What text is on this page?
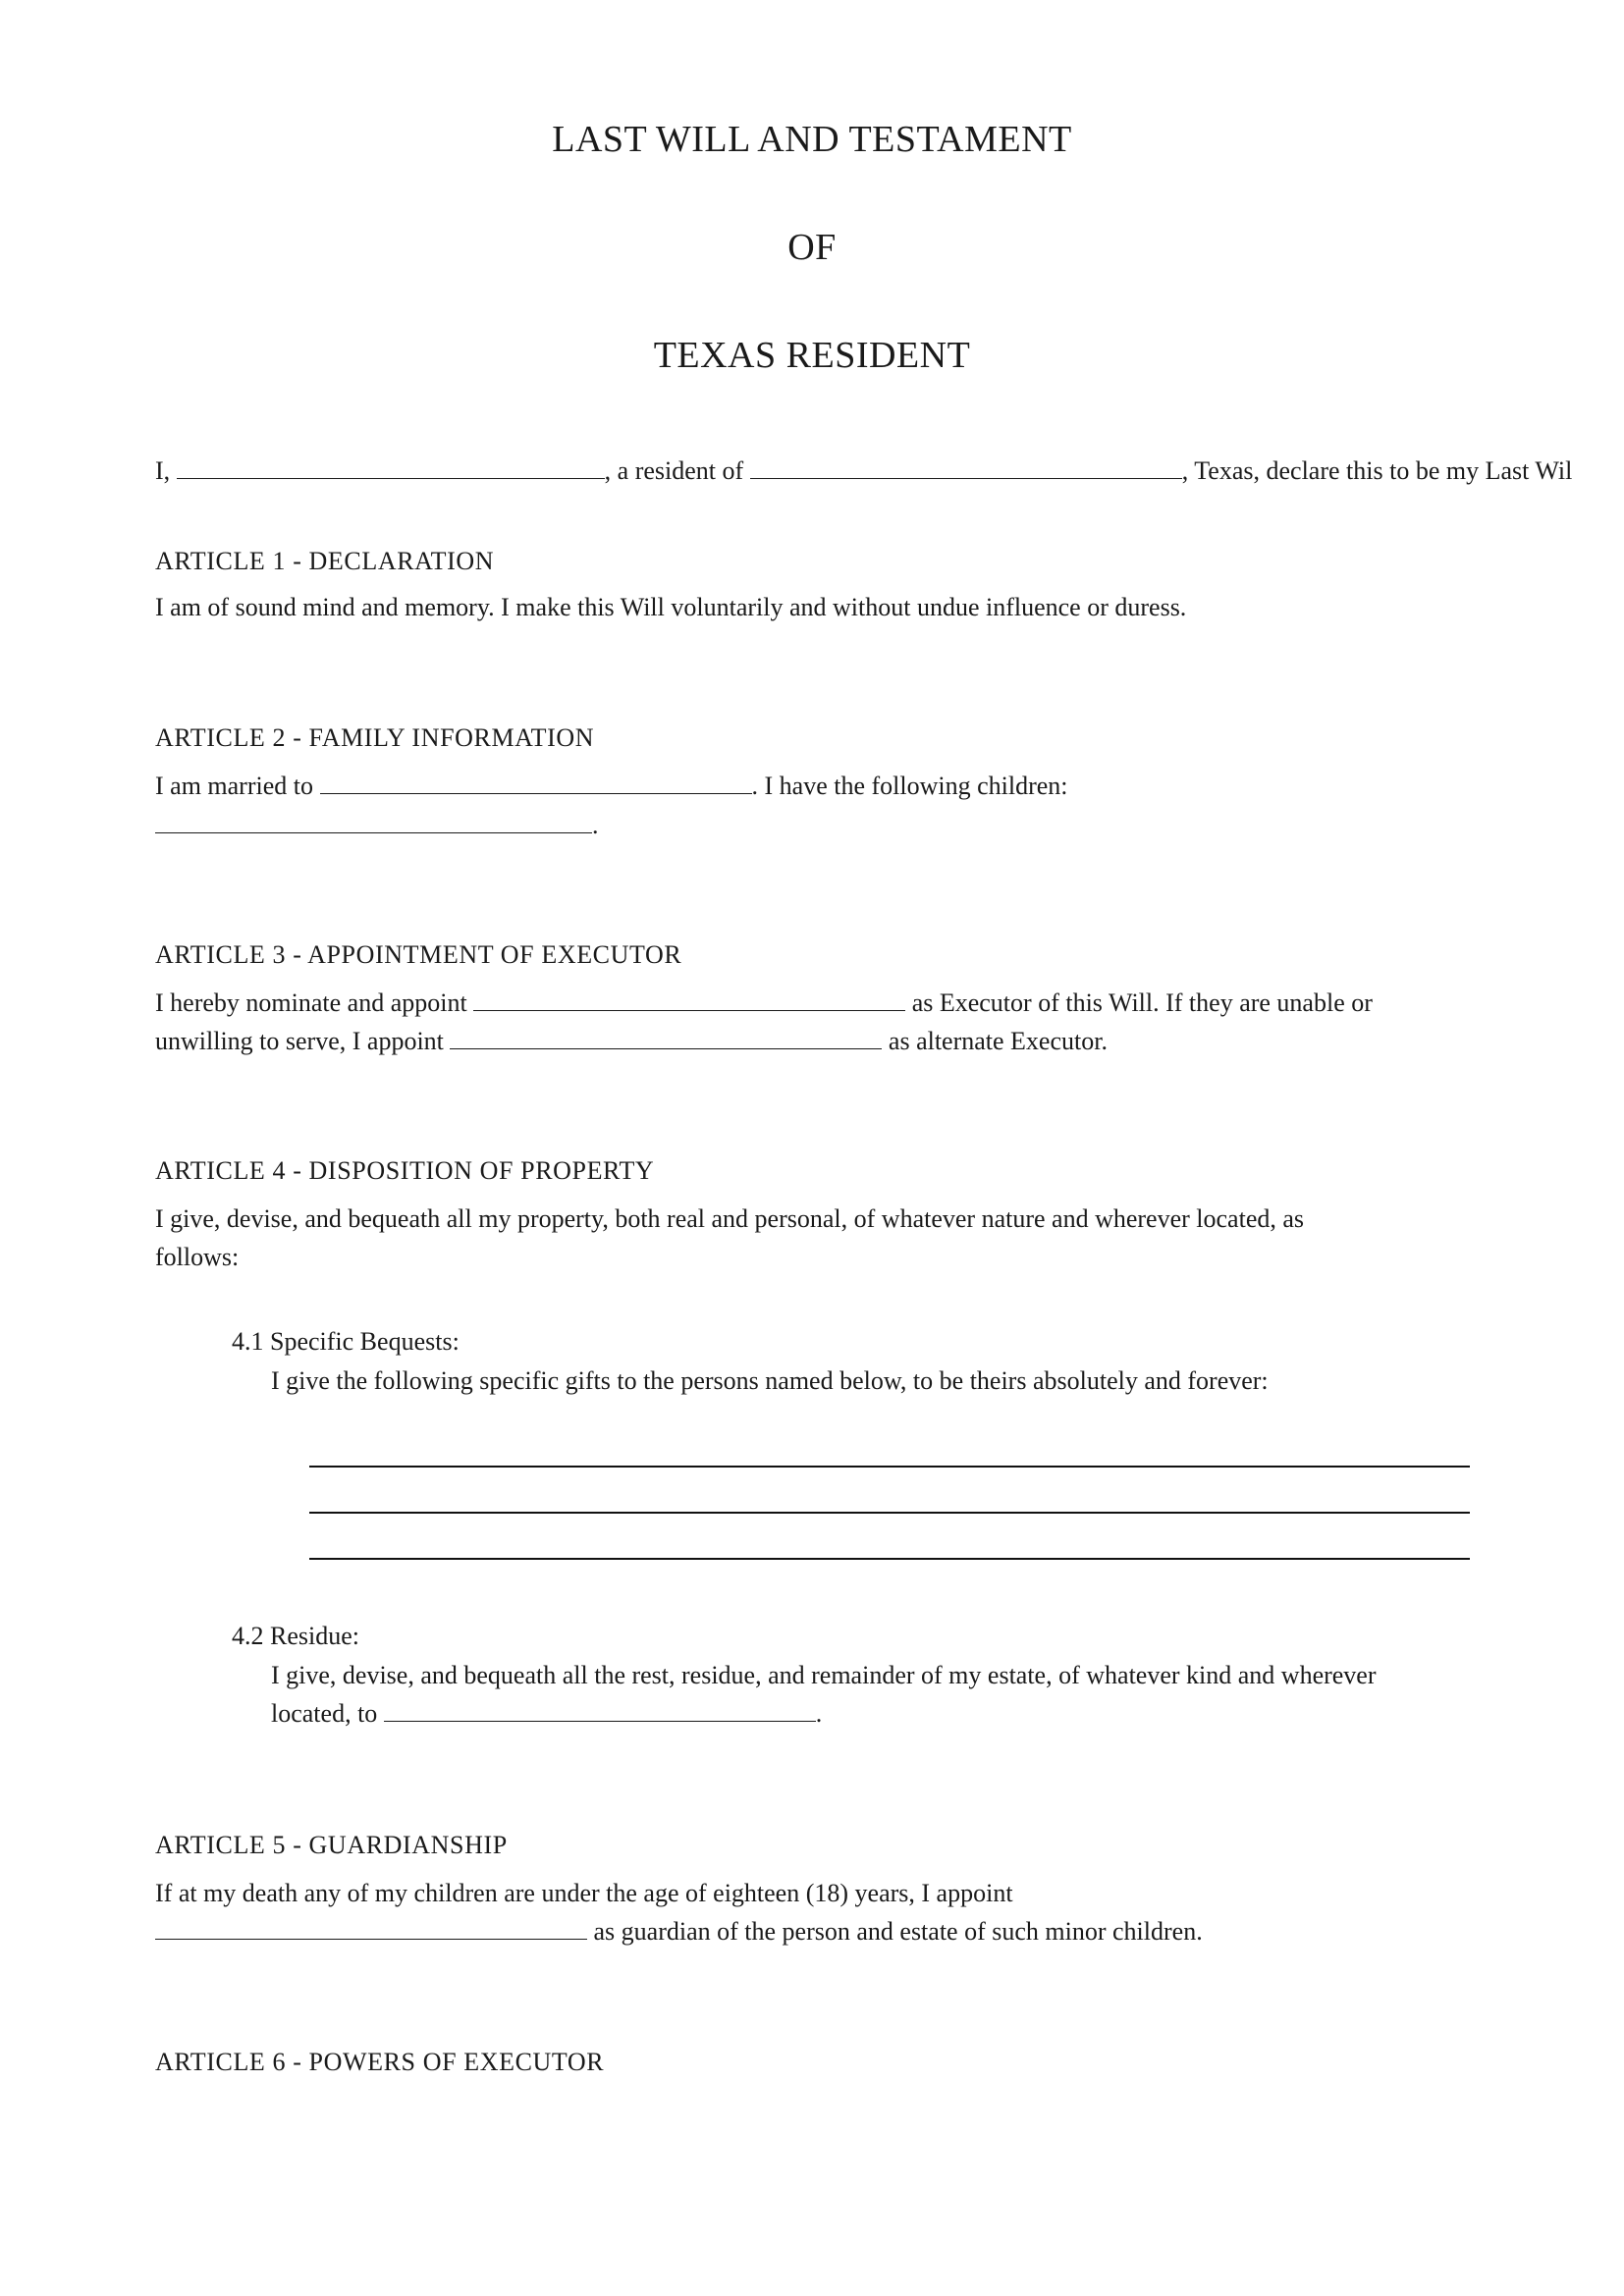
LAST WILL AND TESTAMENT
OF
TEXAS RESIDENT
I,	, a resident of	, Texas, declare this to be my Last Wil
ARTICLE 1 - DECLARATION
I am of sound mind and memory. I make this Will voluntarily and without undue influence or duress.
ARTICLE 2 - FAMILY INFORMATION
I am married to	. I have the following children:
.
ARTICLE 3 - APPOINTMENT OF EXECUTOR
I hereby nominate and appoint	as Executor of this Will. If they are unable or
unwilling to serve, I appoint	as alternate Executor.
ARTICLE 4 - DISPOSITION OF PROPERTY
I give, devise, and bequeath all my property, both real and personal, of whatever nature and wherever located, as
follows:
4.1 Specific Bequests:
I give the following specific gifts to the persons named below, to be theirs absolutely and forever:
4.2 Residue:
I give, devise, and bequeath all the rest, residue, and remainder of my estate, of whatever kind and wherever
located, to	.
ARTICLE 5 - GUARDIANSHIP
If at my death any of my children are under the age of eighteen (18) years, I appoint
as guardian of the person and estate of such minor children.
ARTICLE 6 - POWERS OF EXECUTOR
